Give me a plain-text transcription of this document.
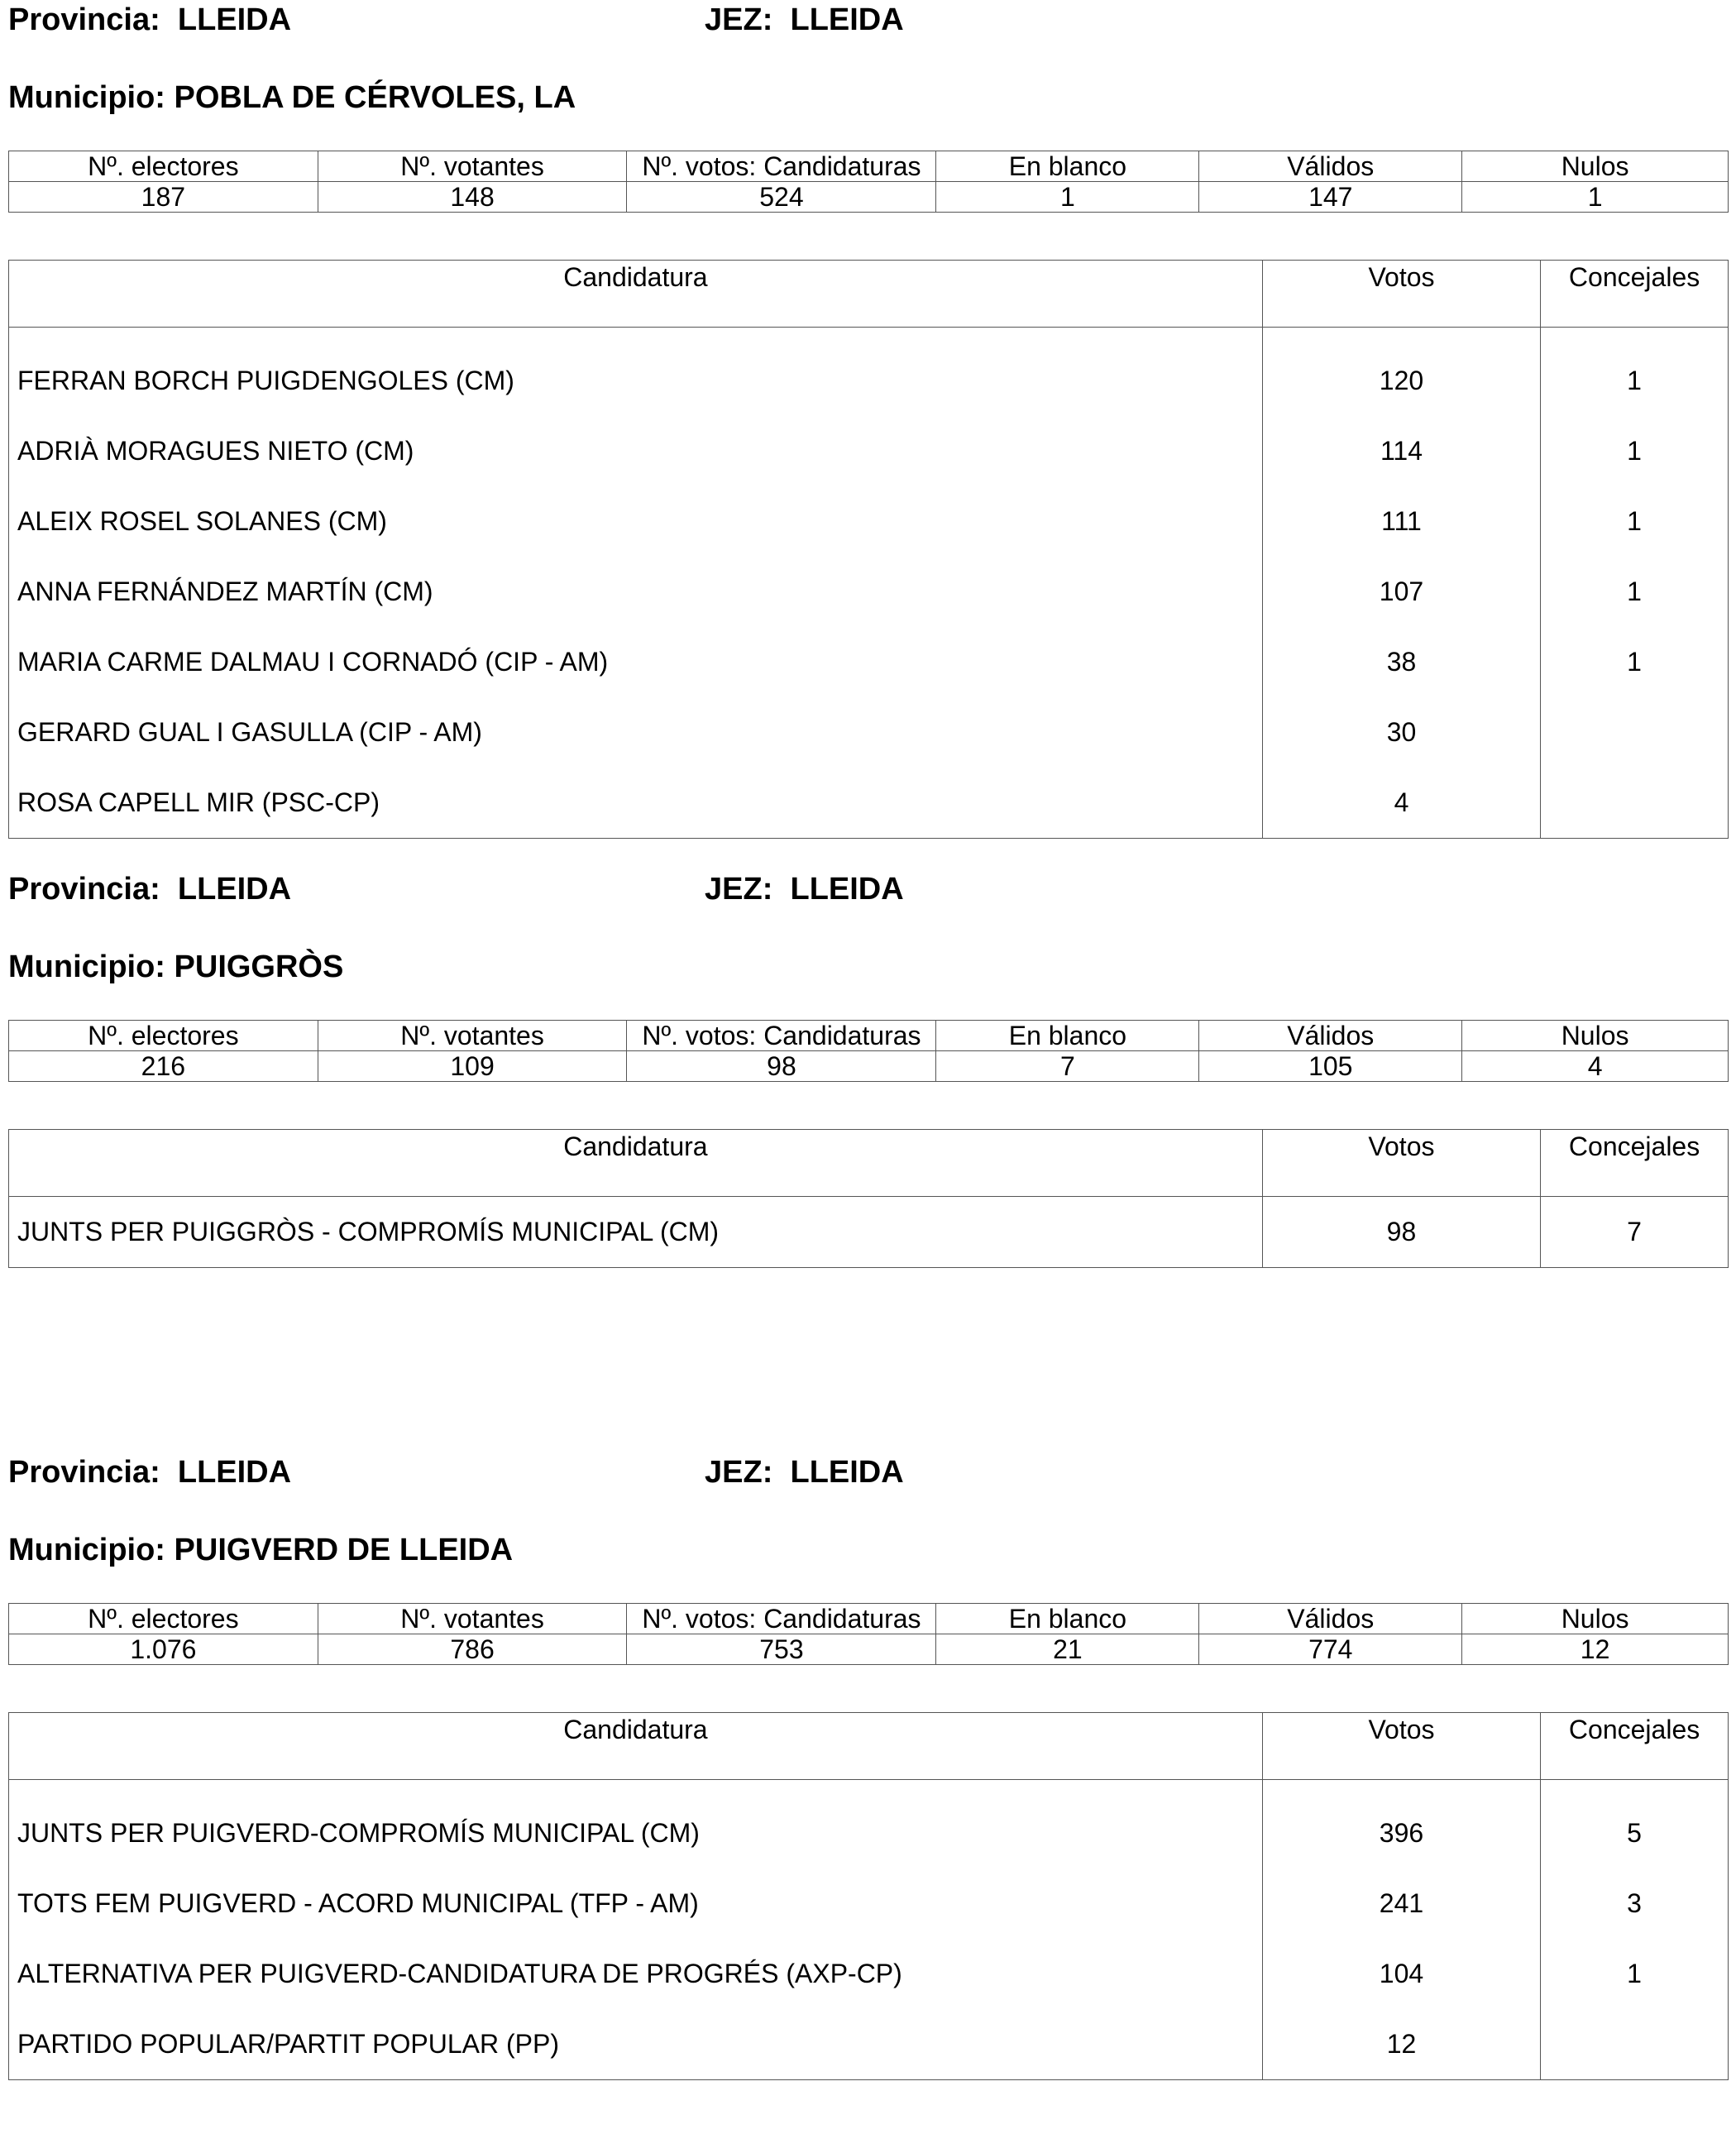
Provincia: LLEIDA	JEZ: LLEIDA
Municipio: POBLA DE CÉRVOLES, LA
Nº. electores	Nº. votantes	Nº. votos: Candidaturas	En blanco	Válidos	Nulos
187	148	524	1	147	1
Candidatura	Votos	Concejales

FERRAN BORCH PUIGDENGOLES (CM)	120	1
ADRIÀ MORAGUES NIETO (CM)	114	1
ALEIX ROSEL SOLANES (CM)	111	1
ANNA FERNÁNDEZ MARTÍN (CM)	107	1
MARIA CARME DALMAU I CORNADÓ (CIP - AM)	38	1
GERARD GUAL I GASULLA (CIP - AM)	30	
ROSA CAPELL MIR (PSC-CP)	4	
Provincia: LLEIDA	JEZ: LLEIDA
Municipio: PUIGGRÒS
Nº. electores	Nº. votantes	Nº. votos: Candidaturas	En blanco	Válidos	Nulos
216	109	98	7	105	4
Candidatura	Votos	Concejales
JUNTS PER PUIGGRÒS - COMPROMÍS MUNICIPAL (CM)	98	7
Provincia: LLEIDA	JEZ: LLEIDA
Municipio: PUIGVERD DE LLEIDA
Nº. electores	Nº. votantes	Nº. votos: Candidaturas	En blanco	Válidos	Nulos
1.076	786	753	21	774	12
Candidatura	Votos	Concejales

JUNTS PER PUIGVERD-COMPROMÍS MUNICIPAL (CM)	396	5
TOTS FEM PUIGVERD - ACORD MUNICIPAL (TFP - AM)	241	3
ALTERNATIVA PER PUIGVERD-CANDIDATURA DE PROGRÉS (AXP-CP)	104	1
PARTIDO POPULAR/PARTIT POPULAR (PP)	12	
